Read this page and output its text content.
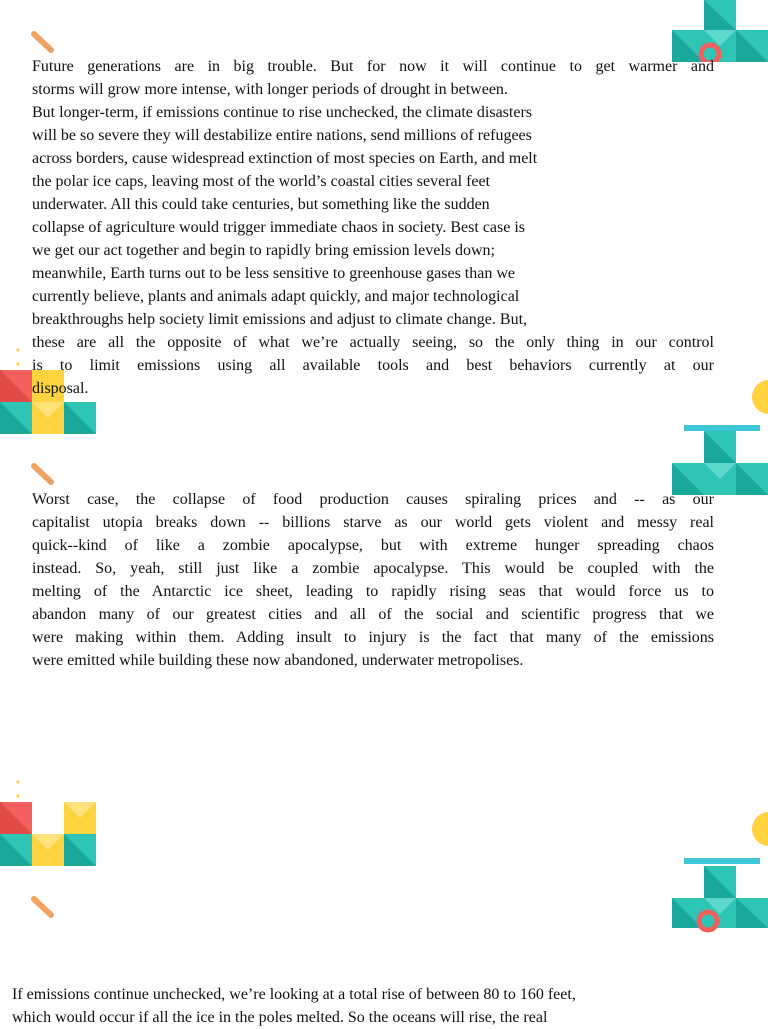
Future generations are in big trouble. But for now it will continue to get warmer and
storms will grow more intense, with longer periods of drought in between.
But longer-term, if emissions continue to rise unchecked, the climate disasters
will be so severe they will destabilize entire nations, send millions of refugees
across borders, cause widespread extinction of most species on Earth, and melt
the polar ice caps, leaving most of the world’s coastal cities several feet
underwater. All this could take centuries, but something like the sudden
collapse of agriculture would trigger immediate chaos in society. Best case is
we get our act together and begin to rapidly bring emission levels down;
meanwhile, Earth turns out to be less sensitive to greenhouse gases than we
currently believe, plants and animals adapt quickly, and major technological
breakthroughs help society limit emissions and adjust to climate change. But,
these are all the opposite of what we’re actually seeing, so the only thing in our control
is to limit emissions using all available tools and best behaviors currently at our
disposal.
Worst case, the collapse of food production causes spiraling prices and -- as our
capitalist utopia breaks down -- billions starve as our world gets violent and messy real
quick--kind of like a zombie apocalypse, but with extreme hunger spreading chaos
instead. So, yeah, still just like a zombie apocalypse. This would be coupled with the
melting of the Antarctic ice sheet, leading to rapidly rising seas that would force us to
abandon many of our greatest cities and all of the social and scientific progress that we
were making within them. Adding insult to injury is the fact that many of the emissions
were emitted while building these now abandoned, underwater metropolises.
If emissions continue unchecked, we’re looking at a total rise of between 80 to 160 feet,
which would occur if all the ice in the poles melted. So the oceans will rise, the real
